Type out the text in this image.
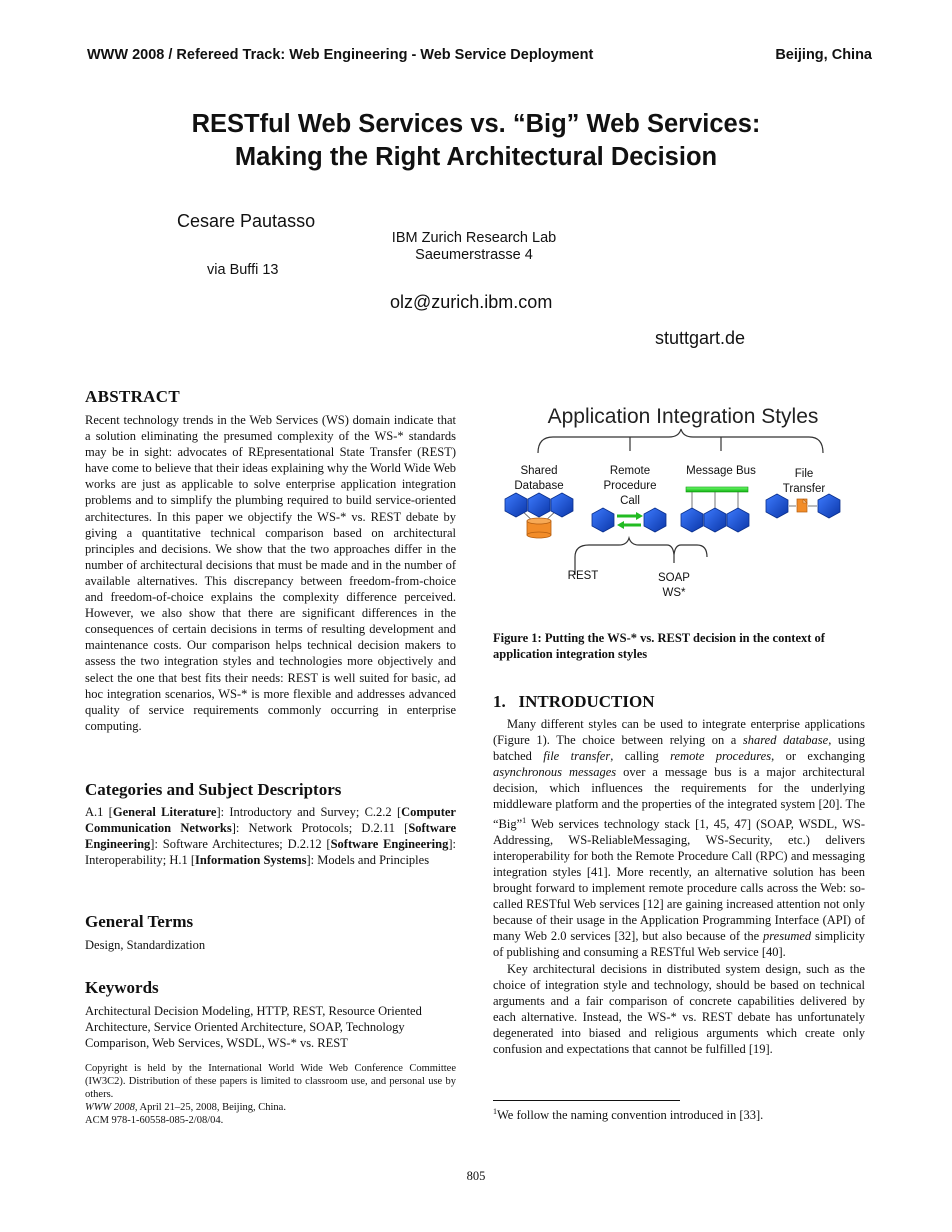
WWW 2008 / Refereed Track: Web Engineering - Web Service Deployment	Beijing, China
RESTful Web Services vs. “Big” Web Services:
Making the Right Architectural Decision
Cesare Pautasso
IBM Zurich Research Lab
Saeumerstrasse 4
via Buffi 13
olz@zurich.ibm.com
stuttgart.de
ABSTRACT

Recent technology trends in the Web Services (WS) domain indicate that a solution eliminating the presumed complexity of the WS-* standards may be in sight: advocates of REpresentational State Transfer (REST) have come to believe that their ideas explaining why the World Wide Web works are just as applicable to solve enterprise application integration problems and to simplify the plumbing required to build service-oriented architectures. In this paper we objectify the WS-* vs. REST debate by giving a quantitative technical comparison based on architectural principles and decisions. We show that the two approaches differ in the number of architectural decisions that must be made and in the number of available alternatives. This discrepancy between freedom-from-choice and freedom-of-choice explains the complexity difference perceived. However, we also show that there are significant differences in the consequences of certain decisions in terms of resulting development and maintenance costs. Our comparison helps technical decision makers to assess the two integration styles and technologies more objectively and select the one that best fits their needs: REST is well suited for basic, ad hoc integration scenarios, WS-* is more flexible and addresses advanced quality of service requirements commonly occurring in enterprise computing.

Categories and Subject Descriptors

A.1 [General Literature]: Introductory and Survey; C.2.2 [Computer Communication Networks]: Network Protocols; D.2.11 [Software Engineering]: Software Architectures; D.2.12 [Software Engineering]: Interoperability; H.1 [Information Systems]: Models and Principles

General Terms
Design, Standardization
Keywords

Architectural Decision Modeling, HTTP, REST, Resource Oriented Architecture, Service Oriented Architecture, SOAP, Technology Comparison, Web Services, WSDL, WS-* vs. REST

Copyright is held by the International World Wide Web Conference Committee (IW3C2). Distribution of these papers is limited to classroom use, and personal use by others.

WWW 2008, April 21–25, 2008, Beijing, China.

ACM 978-1-60558-085-2/08/04.

Application Integration Styles
Shared
Database
Remote
Procedure
Call
Message Bus	File
Transfer
REST	SOAP
WS*
Figure 1: Putting the WS-* vs. REST decision in the context of application integration styles
1.   INTRODUCTION

Many different styles can be used to integrate enterprise applications (Figure 1). The choice between relying on a shared database, using batched file transfer, calling remote procedures, or exchanging asynchronous messages over a message bus is a major architectural decision, which influences the requirements for the underlying middleware platform and the properties of the integrated system [20]. The “Big”$^1$ Web services technology stack [1, 45, 47] (SOAP, WSDL, WS-Addressing, WS-ReliableMessaging, WS-Security, etc.) delivers interoperability for both the Remote Procedure Call (RPC) and messaging integration styles [41]. More recently, an alternative solution has been brought forward to implement remote procedure calls across the Web: so-called RESTful Web services [12] are gaining increased attention not only because of their usage in the Application Programming Interface (API) of many Web 2.0 services [32], but also because of the presumed simplicity of publishing and consuming a RESTful Web service [40].

Key architectural decisions in distributed system design, such as the choice of integration style and technology, should be based on technical arguments and a fair comparison of concrete capabilities delivered by each alternative. Instead, the WS-* vs. REST debate has unfortunately degenerated into biased and religious arguments which create only confusion and expectations that cannot be fulfilled [19].

$^1$We follow the naming convention introduced in [33].
805
